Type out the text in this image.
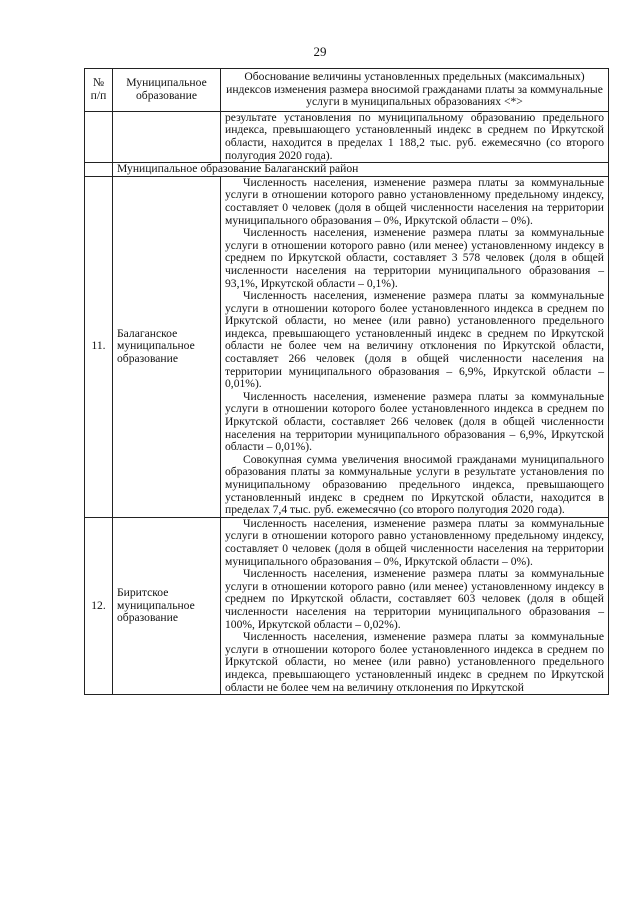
29
№ п/п	Муниципальное образование	Обоснование величины установленных предельных (максимальных) индексов изменения размера вносимой гражданами платы за коммунальные услуги в муниципальных образованиях <*>
		результате установления по муниципальному образованию предельного индекса, превышающего установленный индекс в среднем по Иркутской области, находится в пределах 1 188,2 тыс. руб. ежемесячно (со второго полугодия 2020 года).
	Муниципальное образование Балаганский район	
11.	Балаганское муниципальное образование	Численность населения, изменение размера платы за коммунальные услуги в отношении которого равно установленному предельному индексу, составляет 0 человек (доля в общей численности населения на территории муниципального образования – 0%, Иркутской области – 0%).
Численность населения, изменение размера платы за коммунальные услуги в отношении которого равно (или менее) установленному индексу в среднем по Иркутской области, составляет 3 578 человек (доля в общей численности населения на территории муниципального образования – 93,1%, Иркутской области – 0,1%).
Численность населения, изменение размера платы за коммунальные услуги в отношении которого более установленного индекса в среднем по Иркутской области, но менее (или равно) установленного предельного индекса, превышающего установленный индекс в среднем по Иркутской области не более чем на величину отклонения по Иркутской области, составляет 266 человек (доля в общей численности населения на территории муниципального образования – 6,9%, Иркутской области – 0,01%).
Численность населения, изменение размера платы за коммунальные услуги в отношении которого более установленного индекса в среднем по Иркутской области, составляет 266 человек (доля в общей численности населения на территории муниципального образования – 6,9%, Иркутской области – 0,01%).
Совокупная сумма увеличения вносимой гражданами муниципального образования платы за коммунальные услуги в результате установления по муниципальному образованию предельного индекса, превышающего установленный индекс в среднем по Иркутской области, находится в пределах 7,4 тыс. руб. ежемесячно (со второго полугодия 2020 года).

12.	Биритское муниципальное образование	Численность населения, изменение размера платы за коммунальные услуги в отношении которого равно установленному предельному индексу, составляет 0 человек (доля в общей численности населения на территории муниципального образования – 0%, Иркутской области – 0%).
Численность населения, изменение размера платы за коммунальные услуги в отношении которого равно (или менее) установленному индексу в среднем по Иркутской области, составляет 603 человек (доля в общей численности населения на территории муниципального образования – 100%, Иркутской области – 0,02%).
Численность населения, изменение размера платы за коммунальные услуги в отношении которого более установленного индекса в среднем по Иркутской области, но менее (или равно) установленного предельного индекса, превышающего установленный индекс в среднем по Иркутской области не более чем на величину отклонения по Иркутской
